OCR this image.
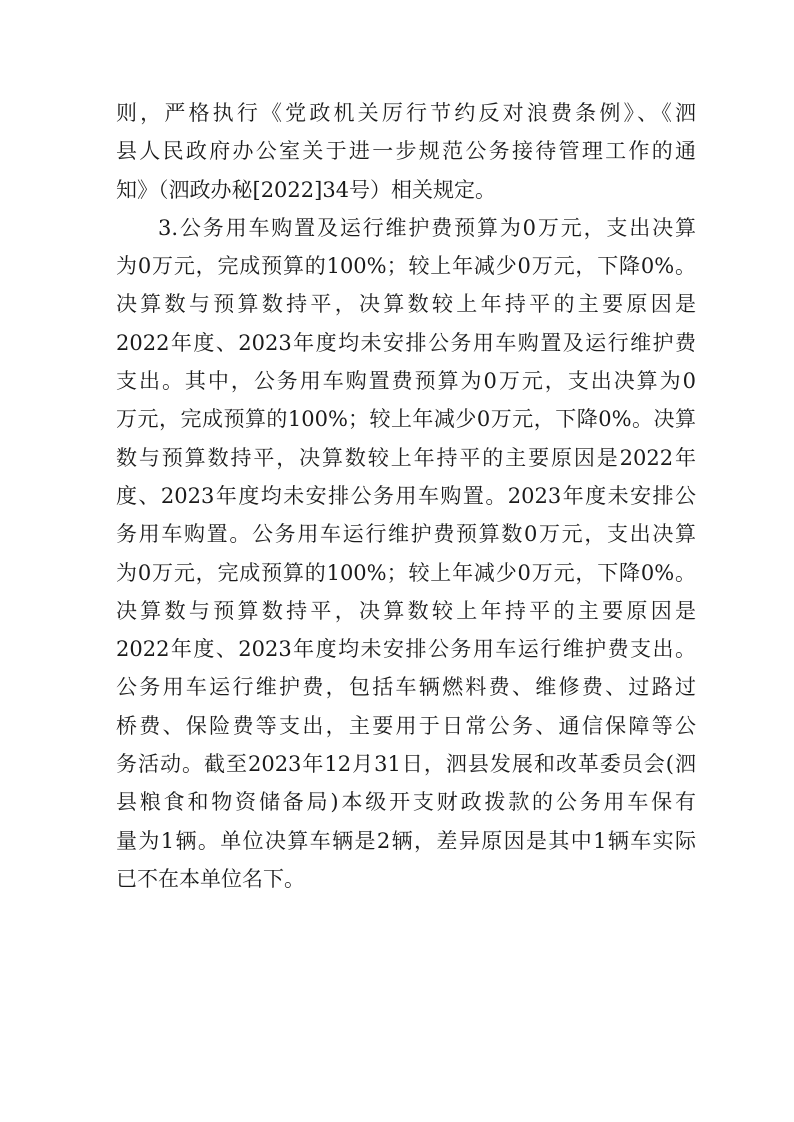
则，严格执行《党政机关厉行节约反对浪费条例》、《泗
县人民政府办公室关于进一步规范公务接待管理工作的通
知》（泗政办秘[2022]34号）相关规定。
3.公务用车购置及运行维护费预算为0万元，支出决算
为0万元，完成预算的100%；较上年减少0万元，下降0%。
决算数与预算数持平，决算数较上年持平的主要原因是
2022年度、2023年度均未安排公务用车购置及运行维护费
支出。其中，公务用车购置费预算为0万元，支出决算为0
万元，完成预算的100%；较上年减少0万元，下降0%。决算
数与预算数持平，决算数较上年持平的主要原因是2022年
度、2023年度均未安排公务用车购置。2023年度未安排公
务用车购置。公务用车运行维护费预算数0万元，支出决算
为0万元，完成预算的100%；较上年减少0万元，下降0%。
决算数与预算数持平，决算数较上年持平的主要原因是
2022年度、2023年度均未安排公务用车运行维护费支出。
公务用车运行维护费，包括车辆燃料费、维修费、过路过
桥费、保险费等支出，主要用于日常公务、通信保障等公
务活动。截至2023年12月31日，泗县发展和改革委员会(泗
县粮食和物资储备局)本级开支财政拨款的公务用车保有
量为1辆。单位决算车辆是2辆，差异原因是其中1辆车实际
已不在本单位名下。
